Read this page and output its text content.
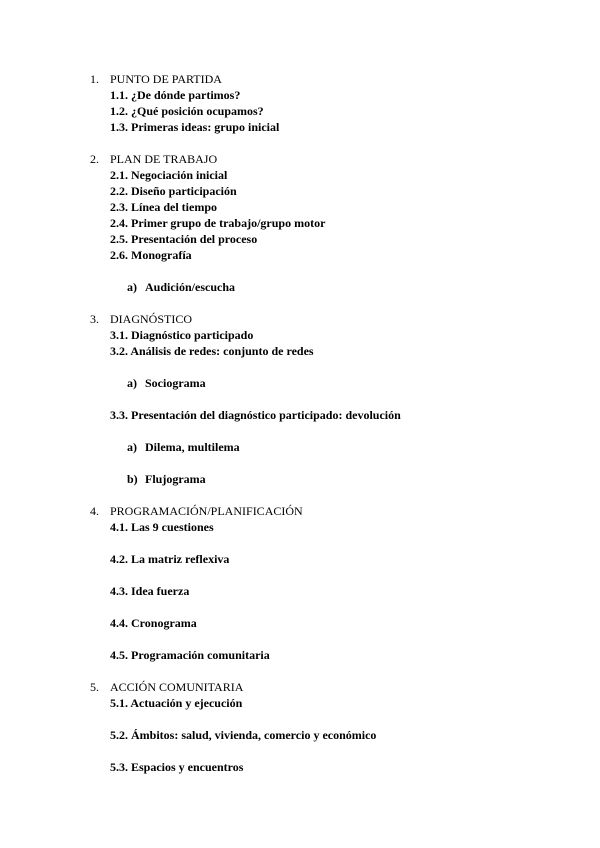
1. PUNTO DE PARTIDA
1.1. ¿De dónde partimos?
1.2. ¿Qué posición ocupamos?
1.3. Primeras ideas: grupo inicial
2. PLAN DE TRABAJO
2.1. Negociación inicial
2.2. Diseño participación
2.3. Línea del tiempo
2.4. Primer grupo de trabajo/grupo motor
2.5. Presentación del proceso
2.6. Monografía
a) Audición/escucha
3. DIAGNÓSTICO
3.1. Diagnóstico participado
3.2. Análisis de redes: conjunto de redes
a) Sociograma
3.3. Presentación del diagnóstico participado: devolución
a) Dilema, multilema
b) Flujograma
4. PROGRAMACIÓN/PLANIFICACIÓN
4.1. Las 9 cuestiones
4.2. La matriz reflexiva
4.3. Idea fuerza
4.4. Cronograma
4.5. Programación comunitaria
5. ACCIÓN COMUNITARIA
5.1. Actuación y ejecución
5.2. Ámbitos: salud, vivienda, comercio y económico
5.3. Espacios y encuentros
